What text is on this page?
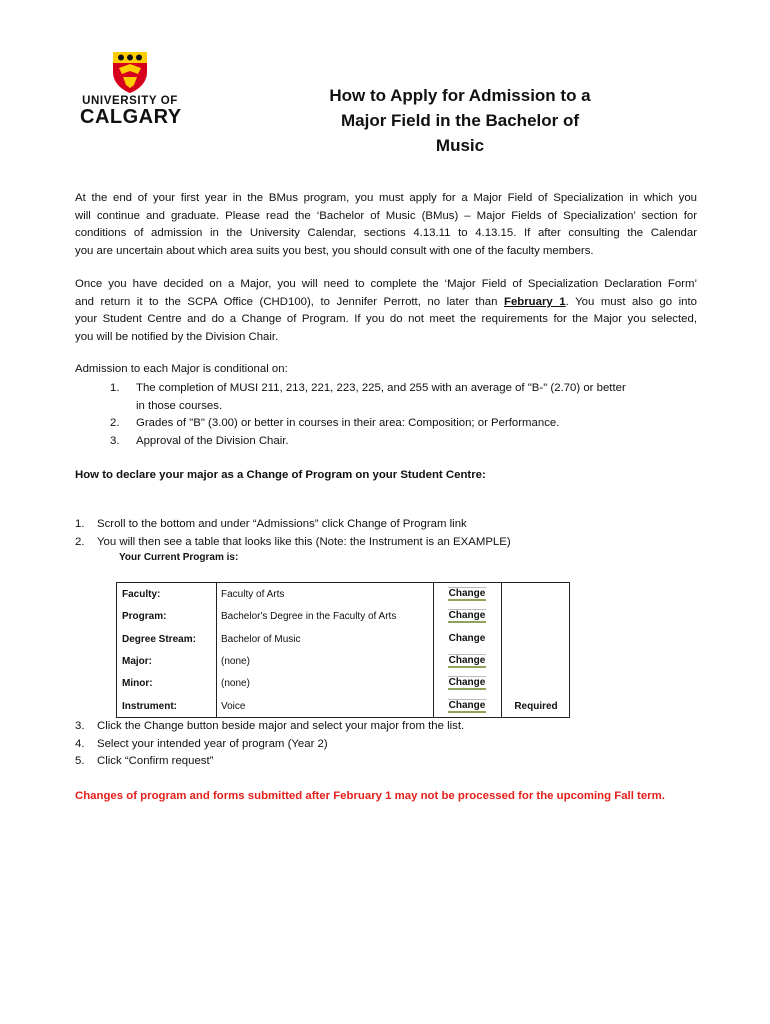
UNIVERSITY OF
CALGARY
How to Apply for Admission to a
Major Field in the Bachelor of
Music
At the end of your first year in the BMus program, you must apply for a Major Field of Specialization in which you
will continue and graduate. Please read the ‘Bachelor of Music (BMus) – Major Fields of Specialization’ section for
conditions of admission in the University Calendar, sections 4.13.11 to 4.13.15. If after consulting the Calendar
you are uncertain about which area suits you best, you should consult with one of the faculty members.
Once you have decided on a Major, you will need to complete the ‘Major Field of Specialization Declaration Form’
and return it to the SCPA Office (CHD100), to Jennifer Perrott, no later than February 1. You must also go into
your Student Centre and do a Change of Program. If you do not meet the requirements for the Major you selected,
you will be notified by the Division Chair.
Admission to each Major is conditional on:
1. The completion of MUSI 211, 213, 221, 223, 225, and 255 with an average of "B-" (2.70) or better
in those courses.
2. Grades of "B" (3.00) or better in courses in their area: Composition; or Performance.
3. Approval of the Division Chair.
How to declare your major as a Change of Program on your Student Centre:
1. Scroll to the bottom and under “Admissions” click Change of Program link
2. You will then see a table that looks like this (Note: the Instrument is an EXAMPLE)
Your Current Program is:
Faculty:	Faculty of Arts	Change
Program:	Bachelor's Degree in the Faculty of Arts	Change
Degree Stream:	Bachelor of Music	Change
Major:	(none)	Change
Minor:	(none)	Change
Instrument:	Voice	Change	Required
3. Click the Change button beside major and select your major from the list.
4. Select your intended year of program (Year 2)
5. Click “Confirm request”
Changes of program and forms submitted after February 1 may not be processed for the upcoming Fall term.
